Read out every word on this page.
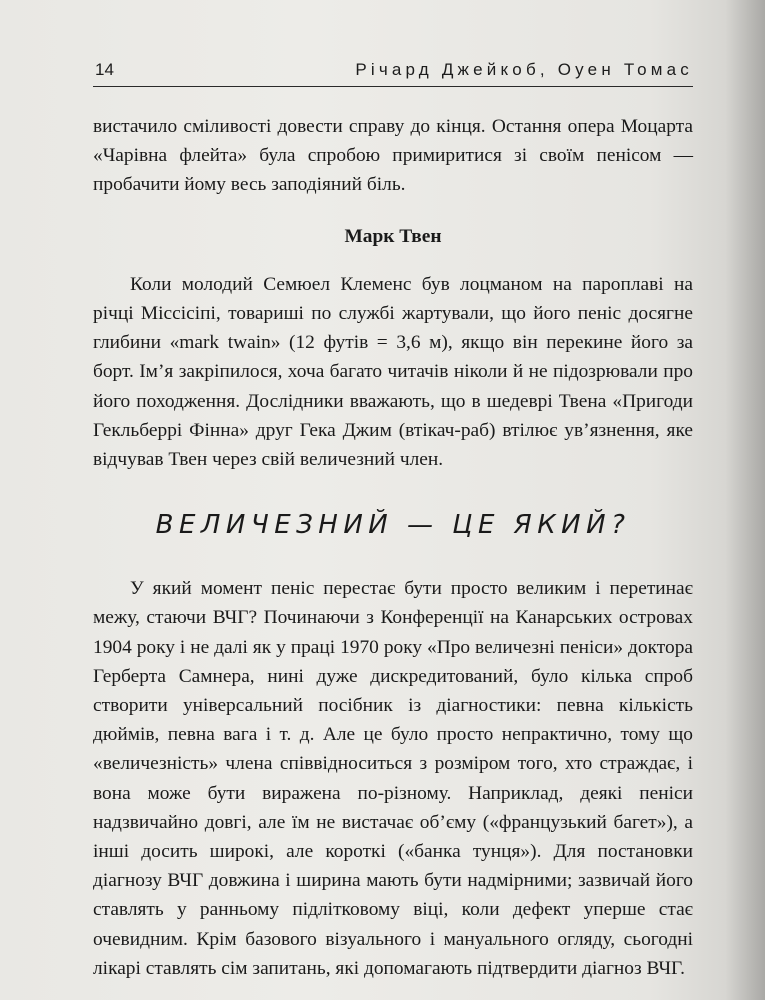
14	Річард Джейкоб, Оуен Томас

вистачило сміливості довести справу до кінця. Остання опера Моцарта «Чарівна флейта» була спробою примиритися зі своїм пенісом — пробачити йому весь заподіяний біль.

Марк Твен

Коли молодий Семюел Клеменс був лоцманом на пароплаві на річці Міссісіпі, товариші по службі жартували, що його пеніс досягне глибини «mark twain» (12 футів = 3,6 м), якщо він перекине його за борт. Ім’я закріпилося, хоча багато читачів ніколи й не підозрювали про його походження. Дослідники вважають, що в шедеврі Твена «Пригоди Гекльберрі Фінна» друг Гека Джим (втікач-раб) втілює ув’язнення, яке відчував Твен через свій величезний член.

ВЕЛИЧЕЗНИЙ — ЦЕ ЯКИЙ?

У який момент пеніс перестає бути просто великим і перетинає межу, стаючи ВЧГ? Починаючи з Конференції на Канарських островах 1904 року і не далі як у праці 1970 року «Про величезні пеніси» доктора Герберта Самнера, нині дуже дискредитований, було кілька спроб створити універсальний посібник із діагностики: певна кількість дюймів, певна вага і т. д. Але це було просто непрактично, тому що «величезність» члена співвідноситься з розміром того, хто страждає, і вона може бути виражена по-різному. Наприклад, деякі пеніси надзвичайно довгі, але їм не вистачає об’єму («французький багет»), а інші досить широкі, але короткі («банка тунця»). Для постановки діагнозу ВЧГ довжина і ширина мають бути надмірними; зазвичай його ставлять у ранньому підлітковому віці, коли дефект уперше стає очевидним. Крім базового візуального і мануального огляду, сьогодні лікарі ставлять сім запитань, які допомагають підтвердити діагноз ВЧГ.
